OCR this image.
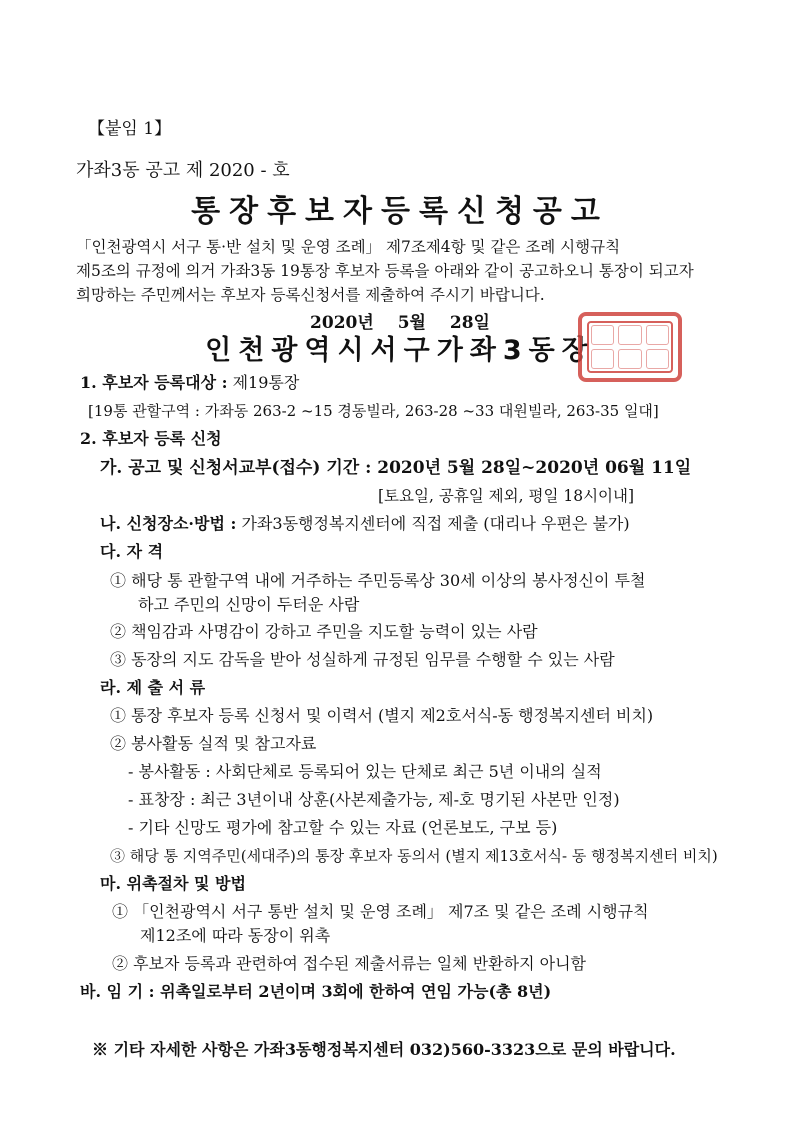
【붙임 1】
가좌3동 공고 제 2020 - 호
통장후보자등록신청공고
「인천광역시 서구 통·반 설치 및 운영 조례」 제7조제4항 및 같은 조례 시행규칙
제5조의 규정에 의거 가좌3동 19통장 후보자 등록을 아래와 같이 공고하오니 통장이 되고자
희망하는 주민께서는 후보자 등록신청서를 제출하여 주시기 바랍니다.
2020년 5월 28일
인천광역시서구가좌3동장
1. 후보자 등록대상 : 제19통장
[19통 관할구역 : 가좌동 263-2 ~15 경동빌라, 263-28 ~33 대원빌라, 263-35 일대]
2. 후보자 등록 신청
가. 공고 및 신청서교부(접수) 기간 : 2020년 5월 28일~2020년 06월 11일
[토요일, 공휴일 제외, 평일 18시이내]
나. 신청장소·방법 : 가좌3동행정복지센터에 직접 제출 (대리나 우편은 불가)
다. 자 격
① 해당 통 관할구역 내에 거주하는 주민등록상 30세 이상의 봉사정신이 투철
하고 주민의 신망이 두터운 사람
② 책임감과 사명감이 강하고 주민을 지도할 능력이 있는 사람
③ 동장의 지도 감독을 받아 성실하게 규정된 임무를 수행할 수 있는 사람
라. 제 출 서 류
① 통장 후보자 등록 신청서 및 이력서 (별지 제2호서식-동 행정복지센터 비치)
② 봉사활동 실적 및 참고자료
- 봉사활동 : 사회단체로 등록되어 있는 단체로 최근 5년 이내의 실적
- 표창장 : 최근 3년이내 상훈(사본제출가능, 제-호 명기된 사본만 인정)
- 기타 신망도 평가에 참고할 수 있는 자료 (언론보도, 구보 등)
③ 해당 통 지역주민(세대주)의 통장 후보자 동의서 (별지 제13호서식- 동 행정복지센터 비치)
마. 위촉절차 및 방법
① 「인천광역시 서구 통반 설치 및 운영 조례」 제7조 및 같은 조례 시행규칙
제12조에 따라 동장이 위촉
② 후보자 등록과 관련하여 접수된 제출서류는 일체 반환하지 아니함
바. 임 기 : 위촉일로부터 2년이며 3회에 한하여 연임 가능(총 8년)
※ 기타 자세한 사항은 가좌3동행정복지센터 032)560-3323으로 문의 바랍니다.
